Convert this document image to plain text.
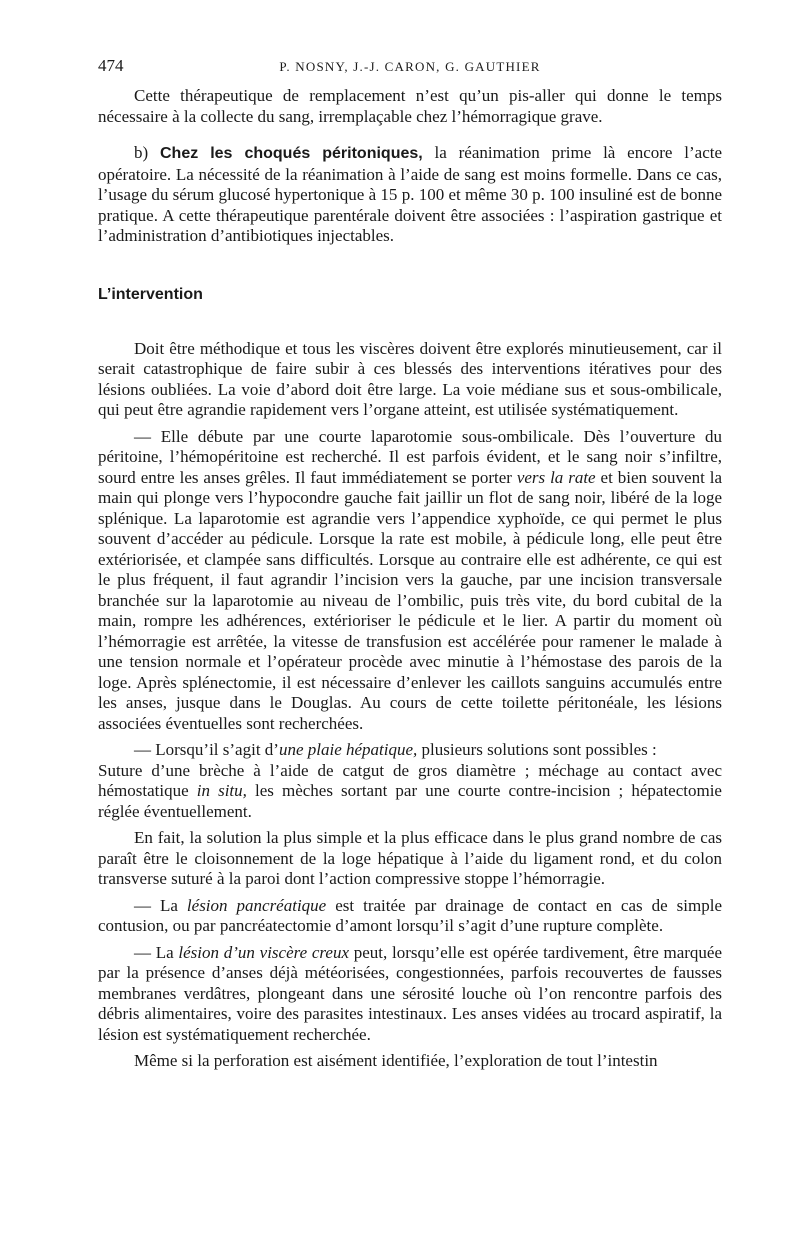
474	P. NOSNY, J.-J. CARON, G. GAUTHIER

Cette thérapeutique de remplacement n’est qu’un pis-aller qui donne le temps nécessaire à la collecte du sang, irremplaçable chez l’hémorragique grave.

b) Chez les choqués péritoniques, la réanimation prime là encore l’acte opératoire. La nécessité de la réanimation à l’aide de sang est moins formelle. Dans ce cas, l’usage du sérum glucosé hypertonique à 15 p. 100 et même 30 p. 100 insuliné est de bonne pratique. A cette thérapeutique parentérale doivent être associées : l’aspiration gastrique et l’administration d’antibiotiques injectables.

L’intervention

Doit être méthodique et tous les viscères doivent être explorés minutieusement, car il serait catastrophique de faire subir à ces blessés des interventions itératives pour des lésions oubliées. La voie d’abord doit être large. La voie médiane sus et sous-ombilicale, qui peut être agrandie rapidement vers l’organe atteint, est utilisée systématiquement.

— Elle débute par une courte laparotomie sous-ombilicale. Dès l’ouverture du péritoine, l’hémopéritoine est recherché. Il est parfois évident, et le sang noir s’infiltre, sourd entre les anses grêles. Il faut immédiatement se porter vers la rate et bien souvent la main qui plonge vers l’hypocondre gauche fait jaillir un flot de sang noir, libéré de la loge splénique. La laparotomie est agrandie vers l’appendice xyphoïde, ce qui permet le plus souvent d’accéder au pédicule. Lorsque la rate est mobile, à pédicule long, elle peut être extériorisée, et clampée sans difficultés. Lorsque au contraire elle est adhérente, ce qui est le plus fréquent, il faut agrandir l’incision vers la gauche, par une incision transversale branchée sur la laparotomie au niveau de l’ombilic, puis très vite, du bord cubital de la main, rompre les adhérences, extérioriser le pédicule et le lier. A partir du moment où l’hémorragie est arrêtée, la vitesse de transfusion est accélérée pour ramener le malade à une tension normale et l’opérateur procède avec minutie à l’hémostase des parois de la loge. Après splénectomie, il est nécessaire d’enlever les caillots sanguins accumulés entre les anses, jusque dans le Douglas. Au cours de cette toilette péritonéale, les lésions associées éventuelles sont recherchées.

— Lorsqu’il s’agit d’une plaie hépatique, plusieurs solutions sont possibles :

Suture d’une brèche à l’aide de catgut de gros diamètre ; méchage au contact avec hémostatique in situ, les mèches sortant par une courte contre-incision ; hépatectomie réglée éventuellement.

En fait, la solution la plus simple et la plus efficace dans le plus grand nombre de cas paraît être le cloisonnement de la loge hépatique à l’aide du ligament rond, et du colon transverse suturé à la paroi dont l’action compressive stoppe l’hémorragie.

— La lésion pancréatique est traitée par drainage de contact en cas de simple contusion, ou par pancréatectomie d’amont lorsqu’il s’agit d’une rupture complète.

— La lésion d’un viscère creux peut, lorsqu’elle est opérée tardivement, être marquée par la présence d’anses déjà météorisées, congestionnées, parfois recouvertes de fausses membranes verdâtres, plongeant dans une sérosité louche où l’on rencontre parfois des débris alimentaires, voire des parasites intestinaux. Les anses vidées au trocard aspiratif, la lésion est systématiquement recherchée.

Même si la perforation est aisément identifiée, l’exploration de tout l’intestin
